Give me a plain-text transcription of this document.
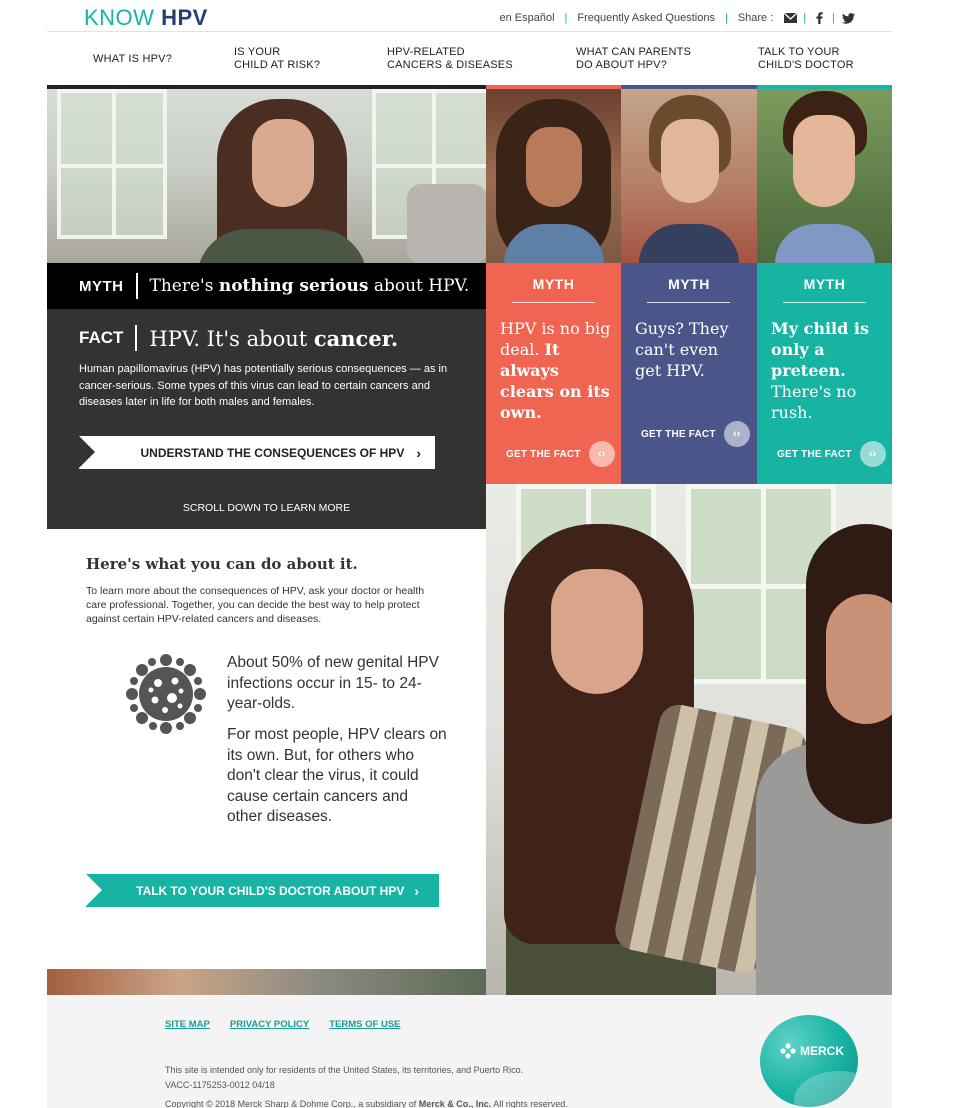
KNOW HPV	en Español | Frequently Asked Questions | Share :	| |
WHAT IS HPV?
IS YOUR
CHILD AT RISK?
HPV-RELATED
CANCERS & DISEASES
WHAT CAN PARENTS
DO ABOUT HPV?
TALK TO YOUR
CHILD'S DOCTOR
MYTH There's nothing serious about HPV.
FACT HPV. It's about cancer.

Human papillomavirus (HPV) has potentially serious consequences — as in cancer-serious. Some types of this virus can lead to certain cancers and diseases later in life for both males and females.

UNDERSTAND THE CONSEQUENCES OF HPV ›
SCROLL DOWN TO LEARN MORE
MYTH
HPV is no big deal. It always clears on its own.
GET THE FACT	‹›
MYTH
Guys? They can't even get HPV.
GET THE FACT	‹›
MYTH
My child is only a preteen. There's no rush.
GET THE FACT	‹›
Here's what you can do about it.

To learn more about the consequences of HPV, ask your doctor or health care professional. Together, you can decide the best way to help protect against certain HPV-related cancers and diseases.

About 50% of new genital HPV infections occur in 15- to 24-year-olds.

For most people, HPV clears on its own. But, for others who don't clear the virus, it could cause certain cancers and other diseases.

TALK TO YOUR CHILD'S DOCTOR ABOUT HPV ›
SITE MAP PRIVACY POLICY TERMS OF USE

This site is intended only for residents of the United States, its territories, and Puerto Rico.

VACC-1175253-0012 04/18

Copyright © 2018 Merck Sharp & Dohme Corp., a subsidiary of Merck & Co., Inc. All rights reserved.

MERCK
